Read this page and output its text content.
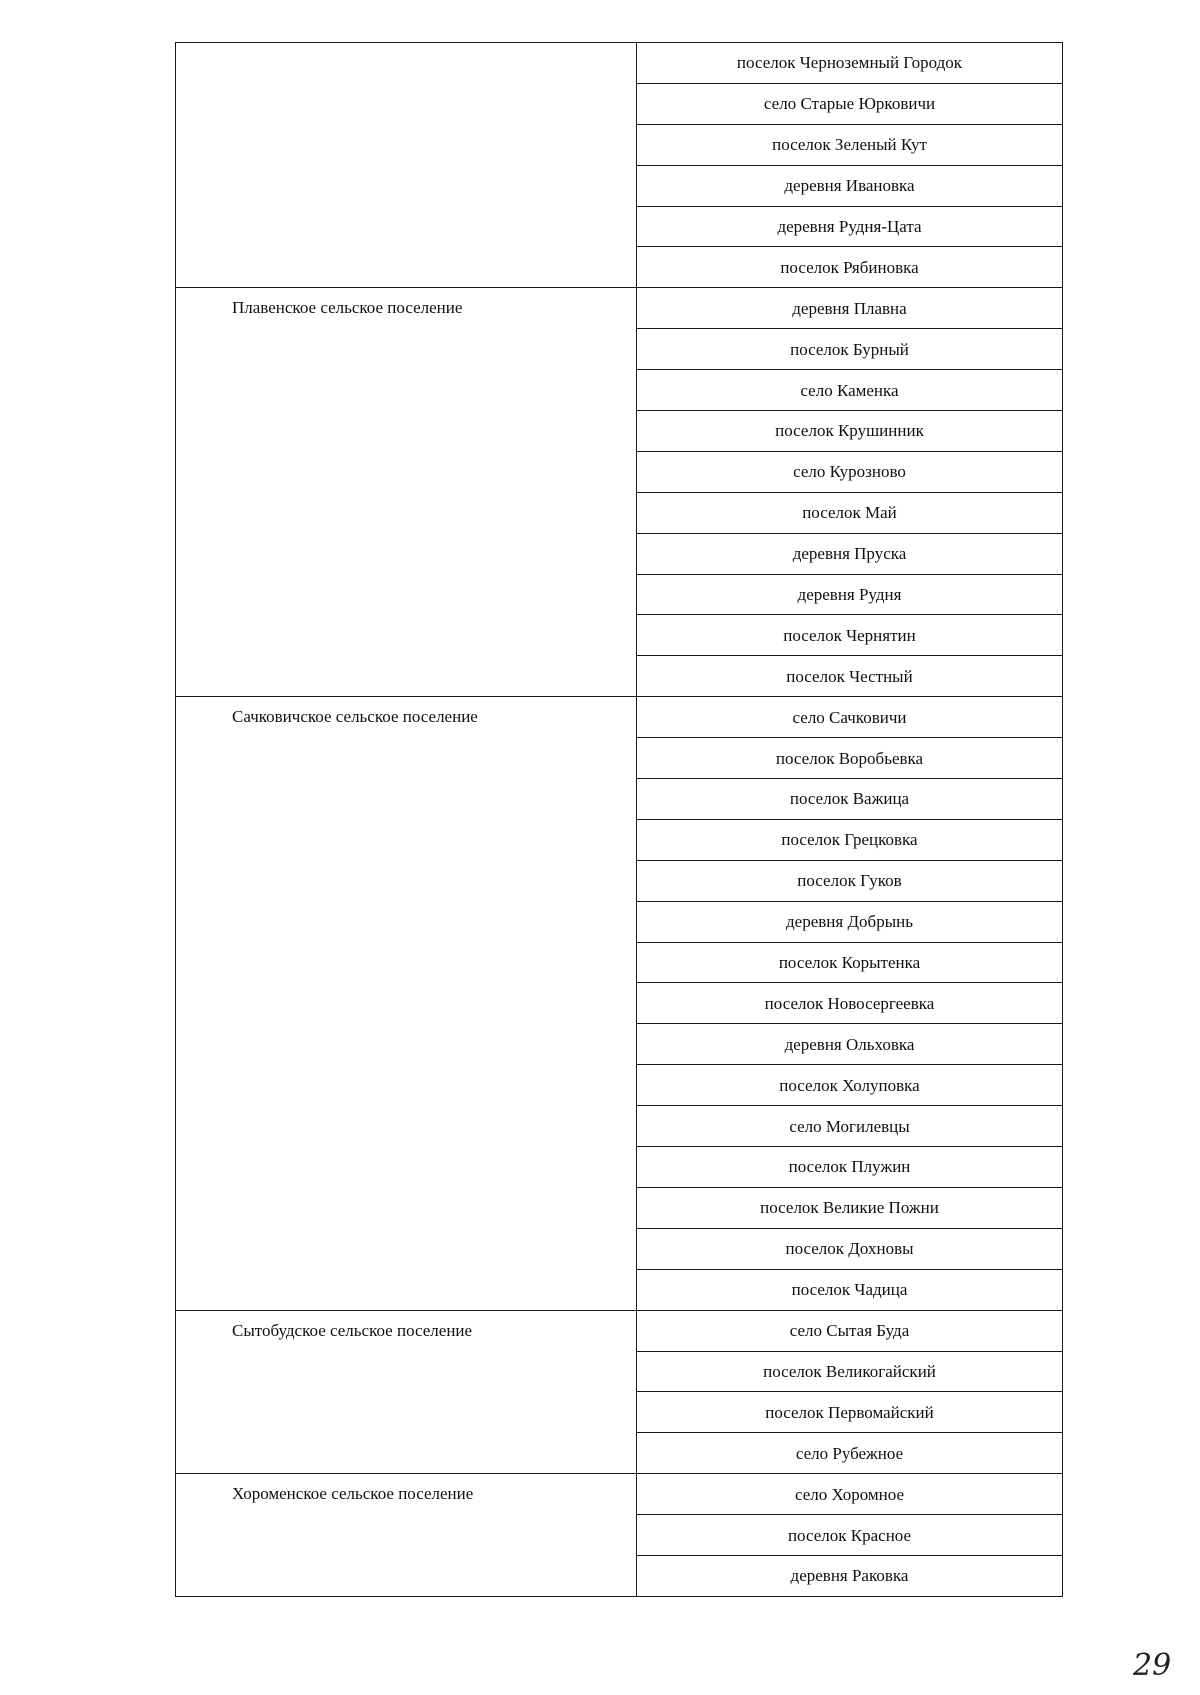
	поселок Черноземный Городок
	село Старые Юрковичи
	поселок Зеленый Кут
	деревня Ивановка
	деревня Рудня-Цата
	поселок Рябиновка
Плавенское сельское поселение	деревня Плавна
	поселок Бурный
	село Каменка
	поселок Крушинник
	село Курозново
	поселок Май
	деревня Пруска
	деревня Рудня
	поселок Чернятин
	поселок Честный
Сачковичское сельское поселение	село Сачковичи
	поселок Воробьевка
	поселок Важица
	поселок Грецковка
	поселок Гуков
	деревня Добрынь
	поселок Корытенка
	поселок Новосергеевка
	деревня Ольховка
	поселок Холуповка
	село Могилевцы
	поселок Плужин
	поселок Великие Пожни
	поселок Дохновы
	поселок Чадица
Сытобудское сельское поселение	село Сытая Буда
	поселок Великогайский
	поселок Первомайский
	село Рубежное
Хороменское сельское поселение	село Хоромное
	поселок Красное
	деревня Раковка
29
